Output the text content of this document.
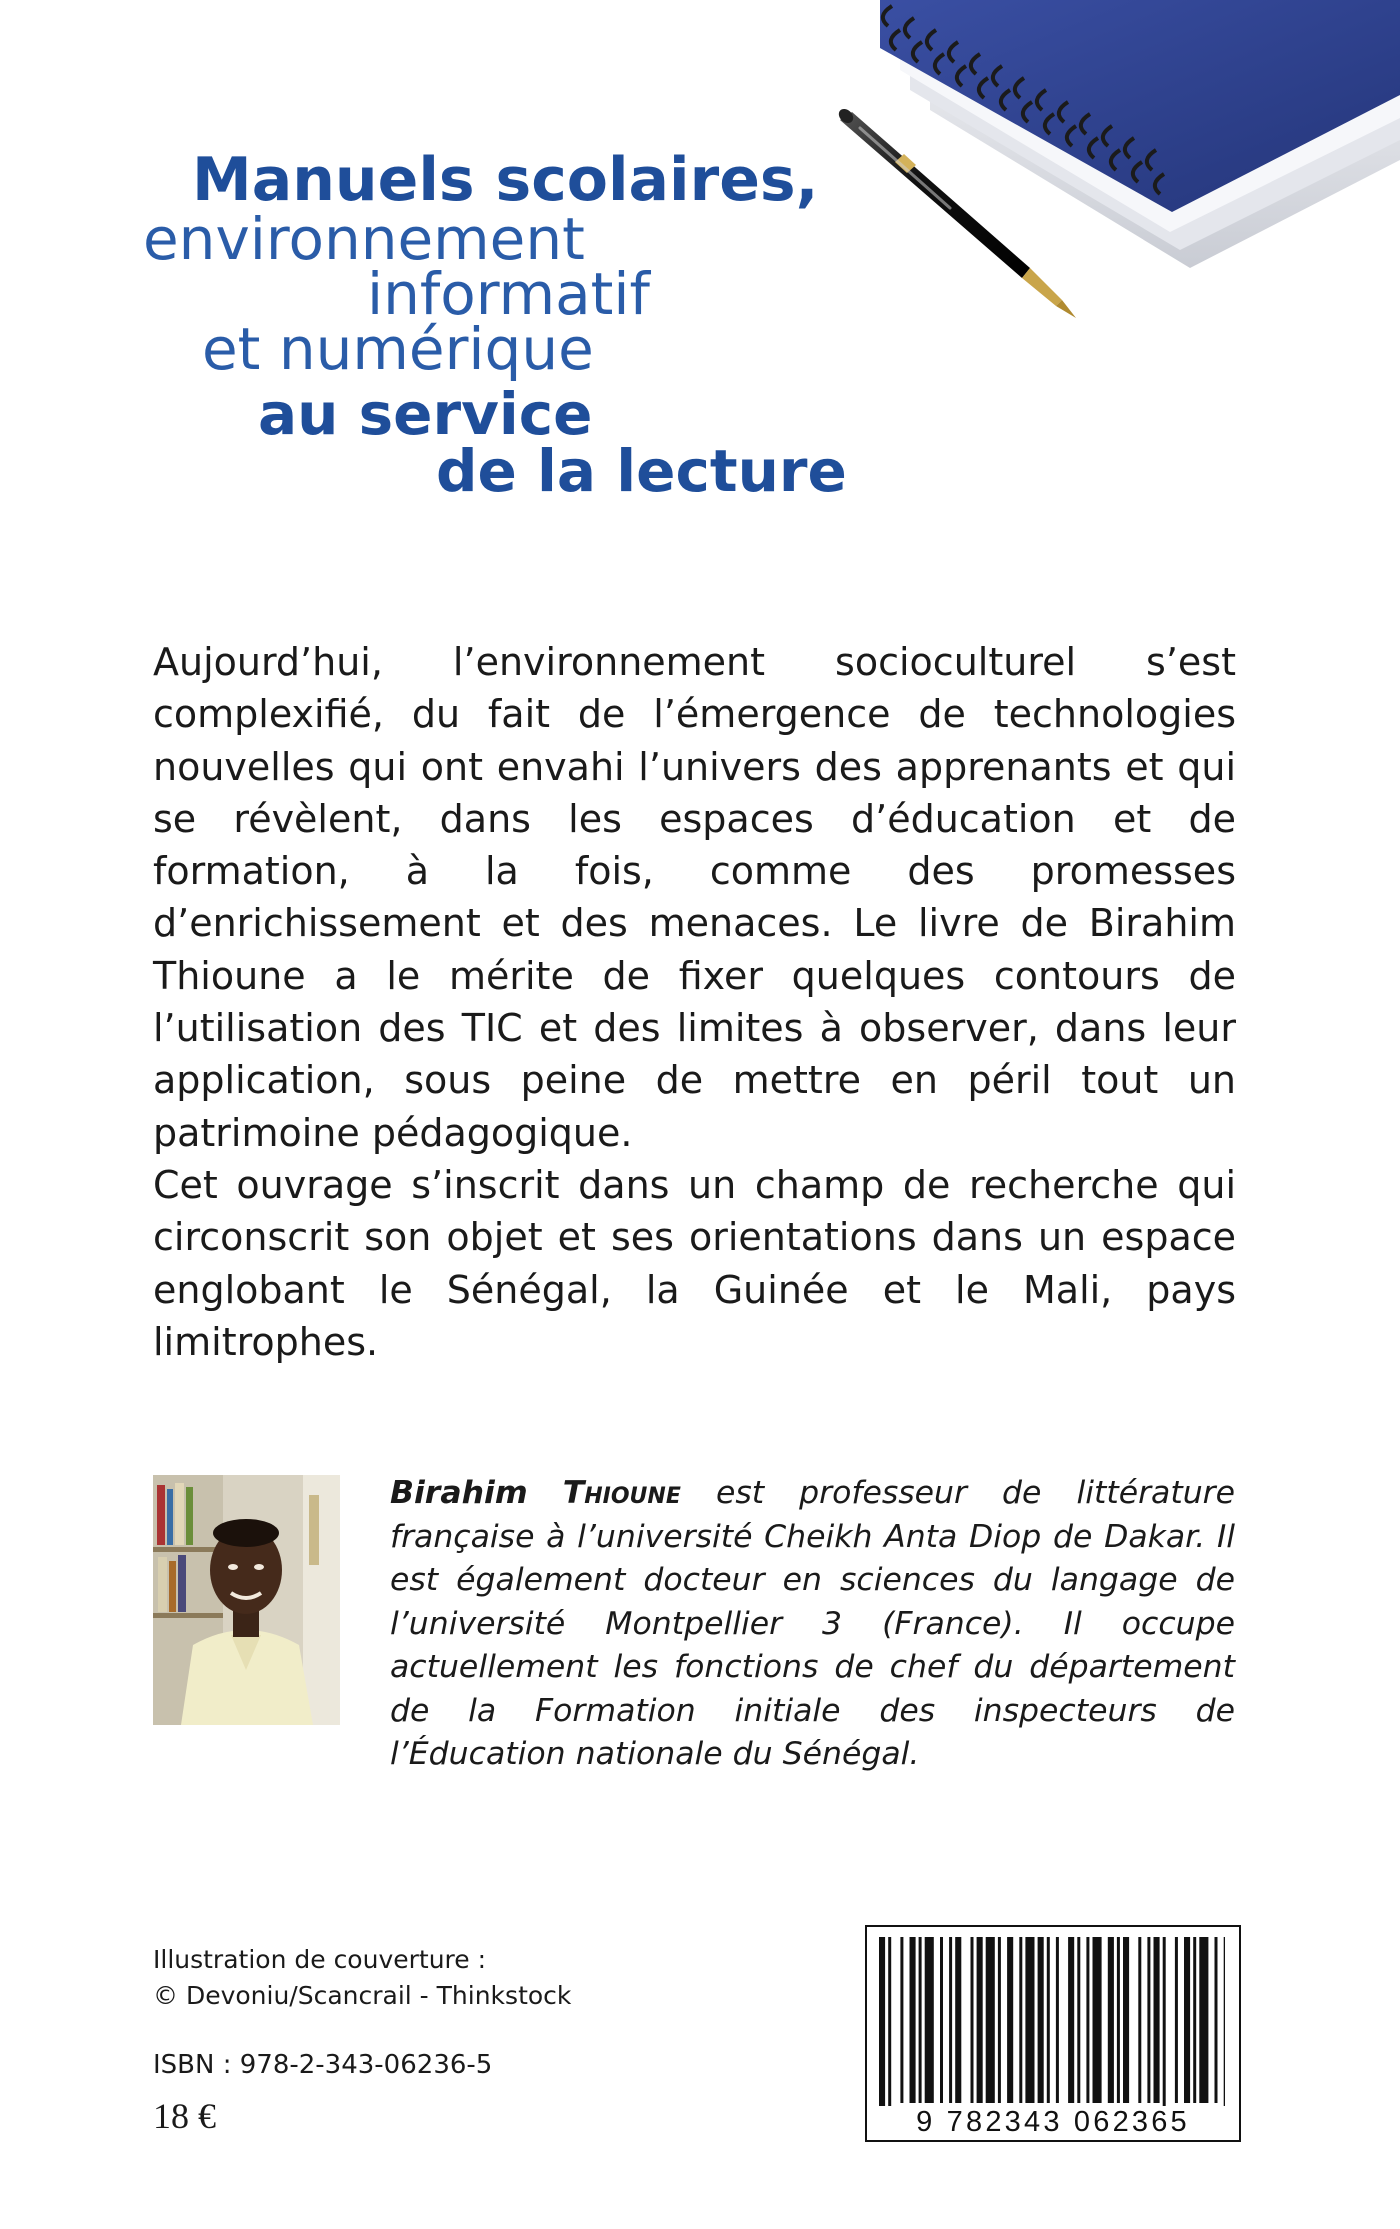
Manuels scolaires,
environnement
informatif
et numérique
au service
de la lecture

Aujourd’hui, l’environnement socioculturel s’est complexifié, du fait de l’émergence de technologies nouvelles qui ont envahi l’univers des apprenants et qui se révèlent, dans les espaces d’éducation et de formation, à la fois, comme des promesses d’enrichissement et des menaces. Le livre de Birahim Thioune a le mérite de fixer quelques contours de l’utilisation des TIC et des limites à observer, dans leur application, sous peine de mettre en péril tout un patrimoine pédagogique.

Cet ouvrage s’inscrit dans un champ de recherche qui circonscrit son objet et ses orientations dans un espace englobant le Sénégal, la Guinée et le Mali, pays limitrophes.

Birahim Thioune est professeur de littérature française à l’université Cheikh Anta Diop de Dakar. Il est également docteur en sciences du langage de l’université Montpellier 3 (France). Il occupe actuellement les fonctions de chef du département de la Formation initiale des inspecteurs de l’Éducation nationale du Sénégal.
Illustration de couverture :
© Devoniu/Scancrail - Thinkstock
ISBN : 978-2-343-06236-5
18 €	9 782343 062365
